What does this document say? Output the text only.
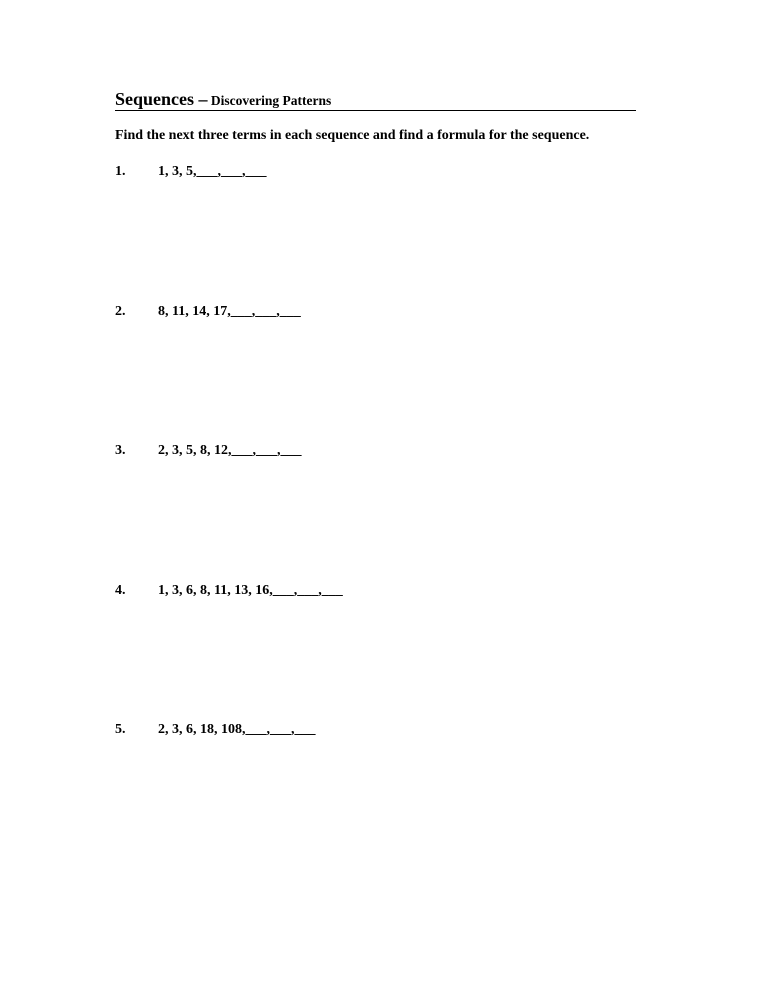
Sequences – Discovering Patterns
Find the next three terms in each sequence and find a formula for the sequence.
1. 1, 3, 5,___,___,___
2. 8, 11, 14, 17,___,___,___
3. 2, 3, 5, 8, 12,___,___,___
4. 1, 3, 6, 8, 11, 13, 16,___,___,___
5. 2, 3, 6, 18, 108,___,___,___
